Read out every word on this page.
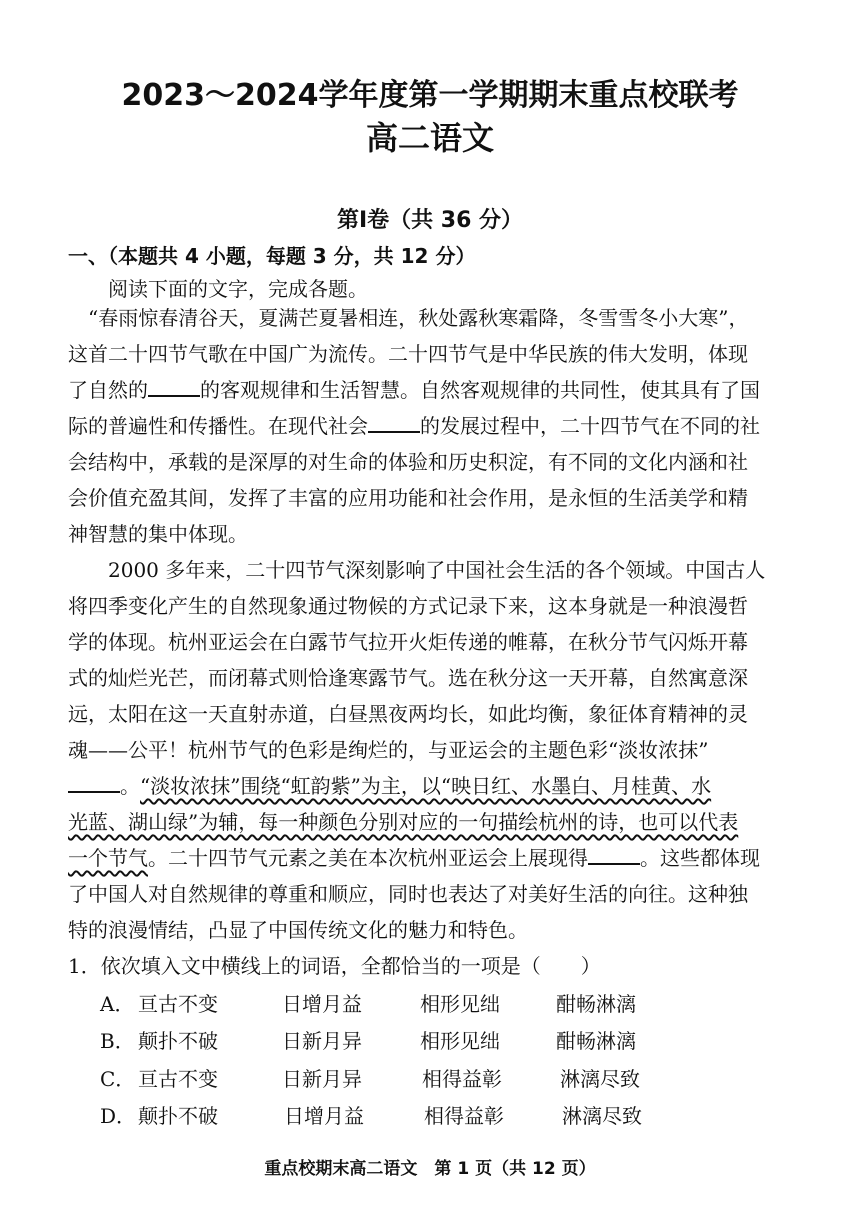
2023～2024学年度第一学期期末重点校联考
高二语文
第Ⅰ卷（共 36 分）
一、（本题共 4 小题，每题 3 分，共 12 分）
阅读下面的文字，完成各题。
“春雨惊春清谷天，夏满芒夏暑相连，秋处露秋寒霜降，冬雪雪冬小大寒”，
这首二十四节气歌在中国广为流传。二十四节气是中华民族的伟大发明，体现
了自然的	的客观规律和生活智慧。自然客观规律的共同性，使其具有了国
际的普遍性和传播性。在现代社会	的发展过程中，二十四节气在不同的社
会结构中，承载的是深厚的对生命的体验和历史积淀，有不同的文化内涵和社
会价值充盈其间，发挥了丰富的应用功能和社会作用，是永恒的生活美学和精
神智慧的集中体现。
　　2000 多年来，二十四节气深刻影响了中国社会生活的各个领域。中国古人
将四季变化产生的自然现象通过物候的方式记录下来，这本身就是一种浪漫哲
学的体现。杭州亚运会在白露节气拉开火炬传递的帷幕，在秋分节气闪烁开幕
式的灿烂光芒，而闭幕式则恰逢寒露节气。选在秋分这一天开幕，自然寓意深
远，太阳在这一天直射赤道，白昼黑夜两均长，如此均衡，象征体育精神的灵
魂——公平！杭州节气的色彩是绚烂的，与亚运会的主题色彩“淡妆浓抹”
。“淡妆浓抹”围绕“虹韵紫”为主，以“映日红、水墨白、月桂黄、水
光蓝、湖山绿”为辅，每一种颜色分别对应的一句描绘杭州的诗，也可以代表
一个节气。二十四节气元素之美在本次杭州亚运会上展现得	。这些都体现
了中国人对自然规律的尊重和顺应，同时也表达了对美好生活的向往。这种独
特的浪漫情结，凸显了中国传统文化的魅力和特色。
1．依次填入文中横线上的词语，全都恰当的一项是（　　）
A． 亘古不变	日增月益	相形见绌	酣畅淋漓
B． 颠扑不破	日新月异	相形见绌	酣畅淋漓
C． 亘古不变	日新月异	相得益彰	淋漓尽致
D． 颠扑不破	日增月益	相得益彰	淋漓尽致
重点校期末高二语文　第 1 页（共 12 页）
